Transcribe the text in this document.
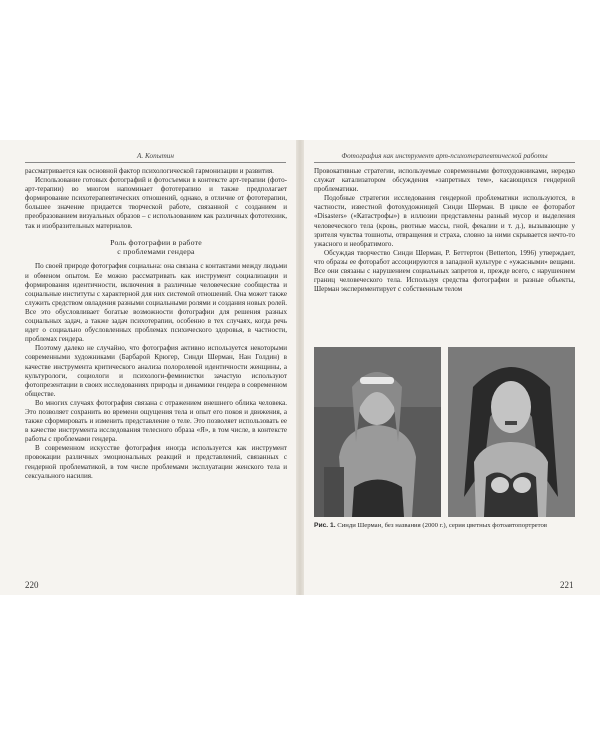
А. Копытин	Фотография как инструмент арт-психотерапевтической работы

рассматривается как основной фактор психологической гармонизации и развития.

Использование готовых фотографий и фотосъемки в контексте арт-терапии (фото-арт-терапии) во многом напоминает фототерапию и также предполагает формирование психотерапевтических отношений, однако, в отличие от фототерапии, большее значение придается творческой работе, связанной с созданием и преобразованием визуальных образов – с использованием как различных фототехник, так и изобразительных материалов.

Роль фотографии в работе
с проблемами гендера

По своей природе фотография социальна: она связана с контактами между людьми и обменом опытом. Ее можно рассматривать как инструмент социализации и формирования идентичности, включения в различные человеческие сообщества и социальные институты с характерной для них системой отношений. Она может также служить средством овладения разными социальными ролями и создания новых ролей. Все это обусловливает богатые возможности фотографии для решения разных социальных задач, а также задач психотерапии, особенно в тех случаях, когда речь идет о социально обусловленных проблемах психического здоровья, в частности, проблемах гендера.

Поэтому далеко не случайно, что фотография активно используется некоторыми современными художниками (Барбарой Крюгер, Синди Шерман, Нан Голдин) в качестве инструмента критического анализа полоролевой идентичности женщины, а культурологи, социологи и психологи-феминистки зачастую используют фотопрезентации в своих исследованиях природы и динамики гендера в современном обществе.

Во многих случаях фотография связана с отражением внешнего облика человека. Это позволяет сохранить во времени ощущения тела и опыт его покоя и движения, а также сформировать и изменить представление о теле. Это позволяет использовать ее в качестве инструмента исследования телесного образа «Я», в том числе, в контексте работы с проблемами гендера.

В современном искусстве фотография иногда используется как инструмент провокации различных эмоциональных реакций и представлений, связанных с гендерной проблематикой, в том числе проблемами эксплуатации женского тела и сексуального насилия.

Провокативные стратегии, используемые современными фотохудожниками, нередко служат катализатором обсуждения «запретных тем», касающихся гендерной проблематики.

Подобные стратегии исследования гендерной проблематики используются, в частности, известной фотохудожницей Синди Шерман. В цикле ее фоторабот «Disasters» («Катастрофы») в иллюзии представлены разный мусор и выделения человеческого тела (кровь, рвотные массы, гной, фекалии и т. д.), вызывающие у зрителя чувства тошноты, отвращения и страха, словно за ними скрывается нечто-то ужасного и необратимого.

Обсуждая творчество Синди Шерман, Р. Беттертон (Betterton, 1996) утверждает, что образы ее фоторабот ассоциируются в западной культуре с «ужасными» вещами. Все они связаны с нарушением социальных запретов и, прежде всего, с нарушением границ человеческого тела. Используя средства фотографии и разные объекты, Шерман экспериментирует с собственным телом

Рис. 1. Синди Шерман, без названия (2000 г.), серия цветных фотоавтопортретов
220	221
